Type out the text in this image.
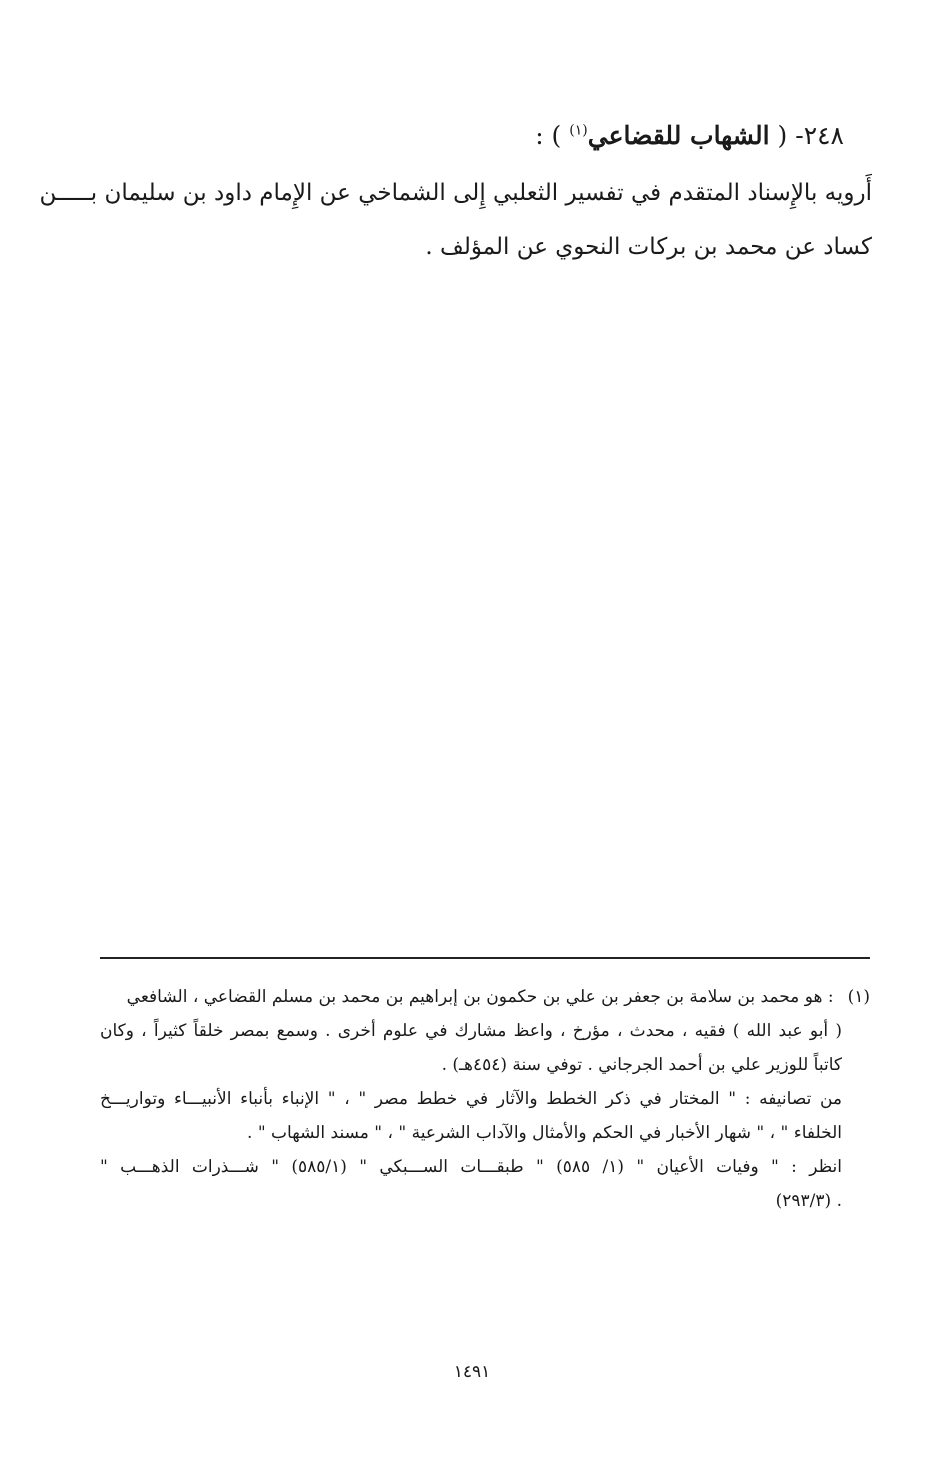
٢٤٨- ( الشهاب للقضاعي$^{(١)}$ ) :
أَرويه بالإِسناد المتقدم في تفسير الثعلبي إِلى الشماخي عن الإِمام داود بن سليمان بـــــن
كساد عن محمد بن بركات النحوي عن المؤلف .
(١): هو محمد بن سلامة بن جعفر بن علي بن حكمون بن إبراهيم بن محمد بن مسلم القضاعي ، الشافعي
( أبو عبد الله ) فقيه ، محدث ، مؤرخ ، واعظ مشارك في علوم أخرى . وسمع بمصر خلقاً كثيراً ، وكان
كاتباً للوزير علي بن أحمد الجرجاني . توفي سنة (٤٥٤هـ) .
من تصانيفه : " المختار في ذكر الخطط والآثار في خطط مصر " ، " الإنباء بأنباء الأنبيـــاء وتواريـــخ
الخلفاء " ، " شهار الأخبار في الحكم والأمثال والآداب الشرعية " ، " مسند الشهاب " .
انظر : " وفيات الأعيان " (١/ ٥٨٥) " طبقـــات الســـبكي " (٥٨٥/١) " شـــذرات الذهـــب "
. (٢٩٣/٣)
١٤٩١
